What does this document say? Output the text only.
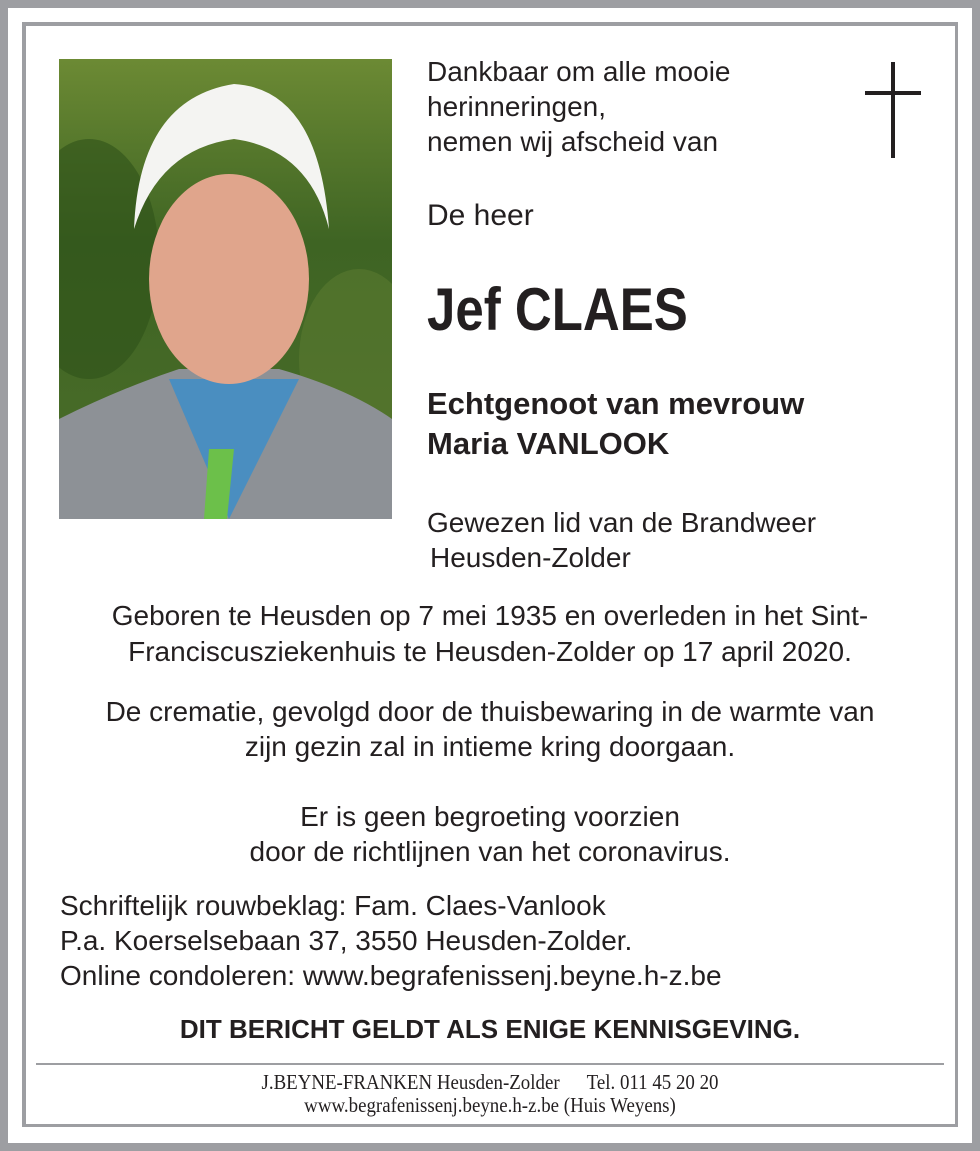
Dankbaar om alle mooie
herinneringen,
nemen wij afscheid van
De heer
Jef CLAES
Echtgenoot van mevrouw
Maria VANLOOK
Gewezen lid van de Brandweer
Heusden-Zolder
Geboren te Heusden op 7 mei 1935 en overleden in het Sint-
Franciscusziekenhuis te Heusden-Zolder op 17 april 2020.
De crematie, gevolgd door de thuisbewaring in de warmte van
zijn gezin zal in intieme kring doorgaan.
Er is geen begroeting voorzien
door de richtlijnen van het coronavirus.
Schriftelijk rouwbeklag: Fam. Claes-Vanlook
P.a. Koerselsebaan 37, 3550 Heusden-Zolder.
Online condoleren: www.begrafenissenj.beyne.h-z.be
DIT BERICHT GELDT ALS ENIGE KENNISGEVING.
J.BEYNE-FRANKEN Heusden-Zolder Tel. 011 45 20 20
www.begrafenissenj.beyne.h-z.be (Huis Weyens)
